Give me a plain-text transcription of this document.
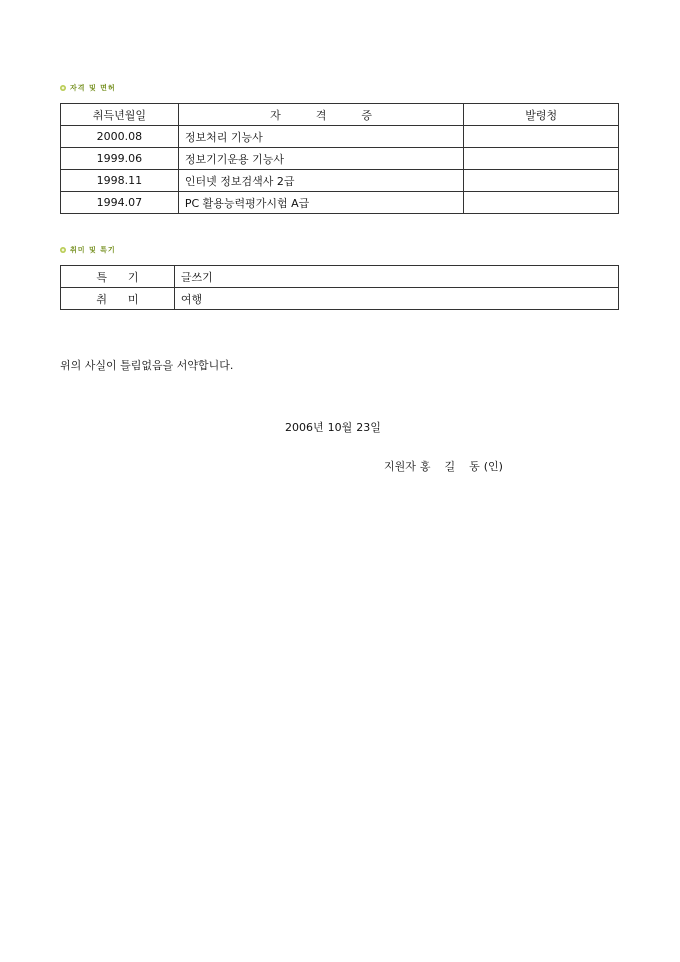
자격 및 면허
취득년월일	자          격          증	발령청
2000.08	정보처리 기능사	
1999.06	정보기기운용 기능사	
1998.11	인터넷 정보검색사 2급	
1994.07	PC 활용능력평가시험 A급	
취미 및 특기
특      기	글쓰기
취      미	여행
위의 사실이 틀림없음을 서약합니다.
2006년 10월 23일
지원자 홍    길    동 (인)
